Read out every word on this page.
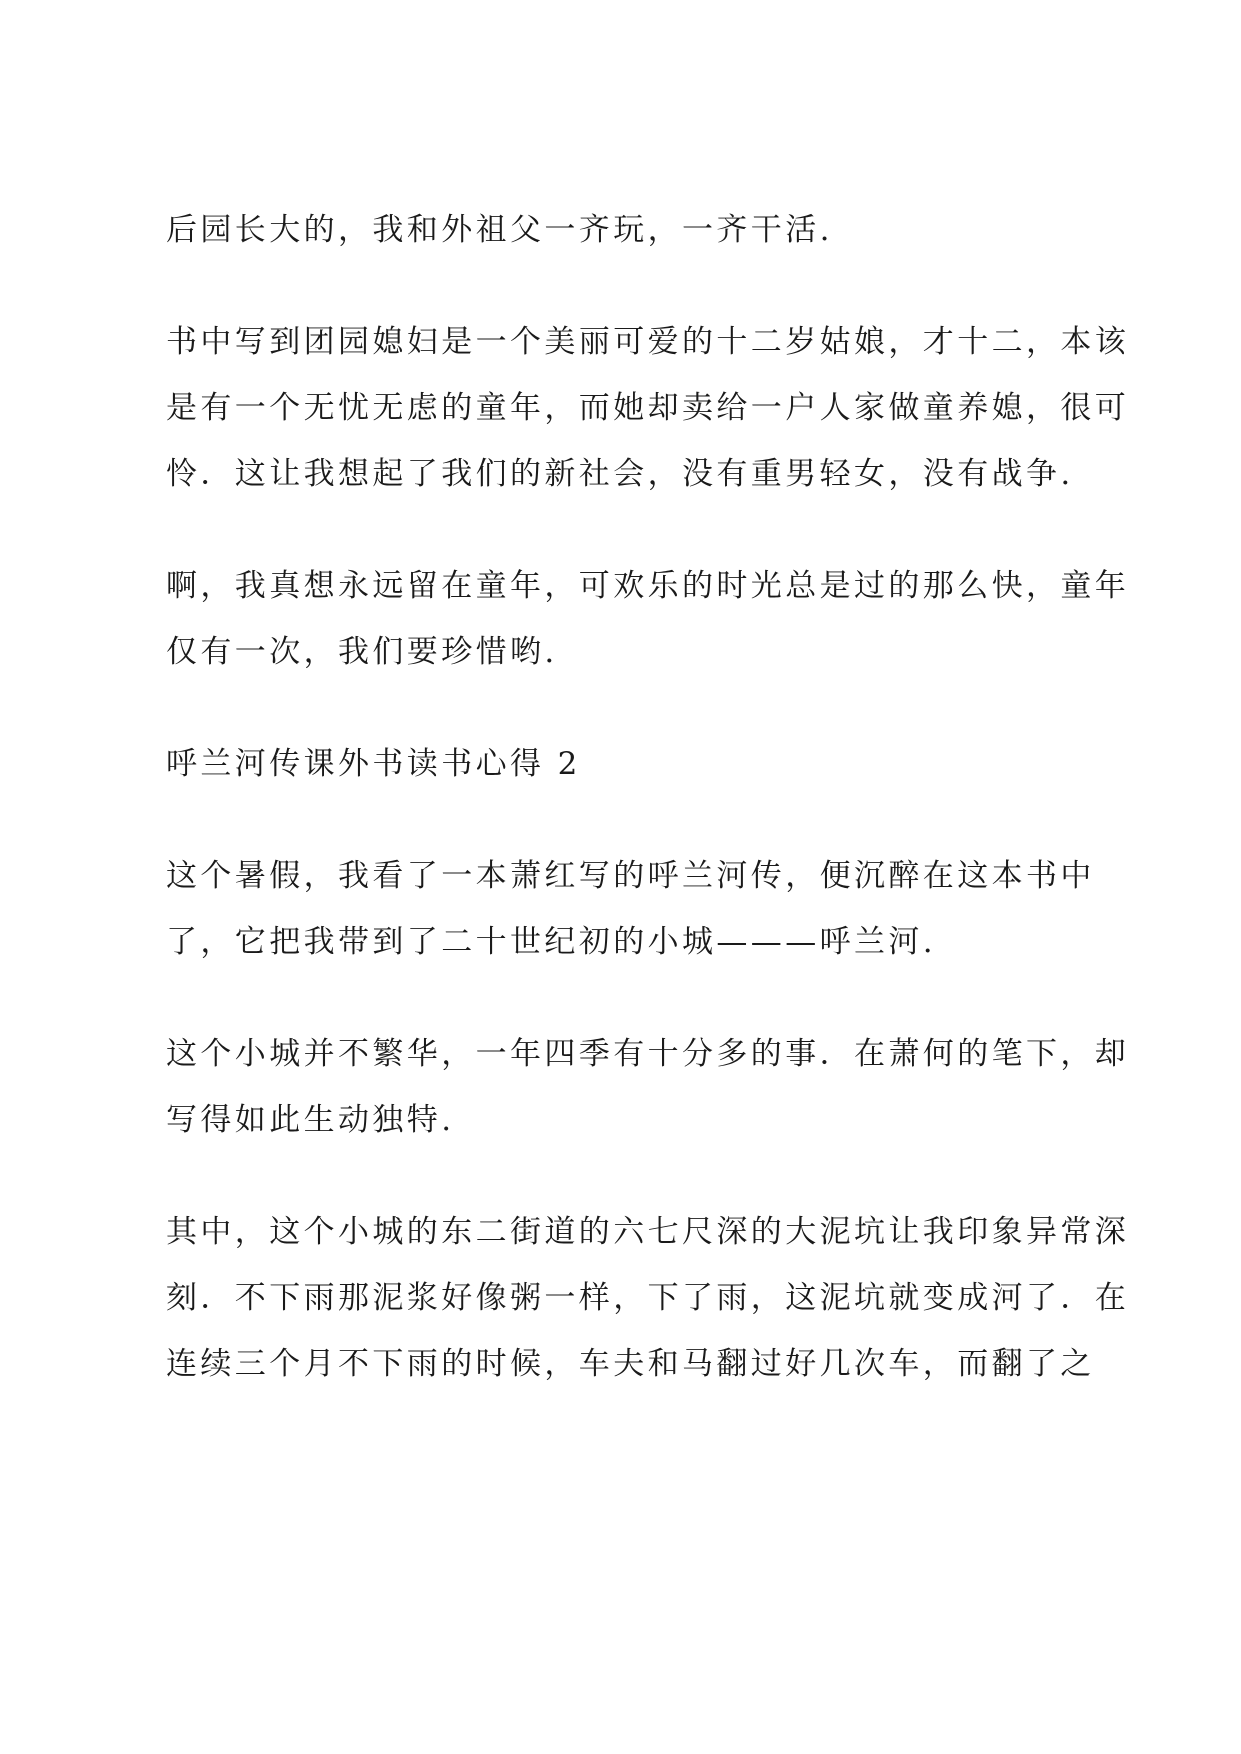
后园长大的，我和外祖父一齐玩，一齐干活.

书中写到团园媳妇是一个美丽可爱的十二岁姑娘，才十二，本该
是有一个无忧无虑的童年，而她却卖给一户人家做童养媳，很可
怜．这让我想起了我们的新社会，没有重男轻女，没有战争.

啊，我真想永远留在童年，可欢乐的时光总是过的那么快，童年
仅有一次，我们要珍惜哟.

呼兰河传课外书读书心得 2

这个暑假，我看了一本萧红写的呼兰河传，便沉醉在这本书中
了，它把我带到了二十世纪初的小城———呼兰河.

这个小城并不繁华，一年四季有十分多的事．在萧何的笔下，却
写得如此生动独特.

其中，这个小城的东二街道的六七尺深的大泥坑让我印象异常深
刻．不下雨那泥浆好像粥一样，下了雨，这泥坑就变成河了．在
连续三个月不下雨的时候，车夫和马翻过好几次车，而翻了之
